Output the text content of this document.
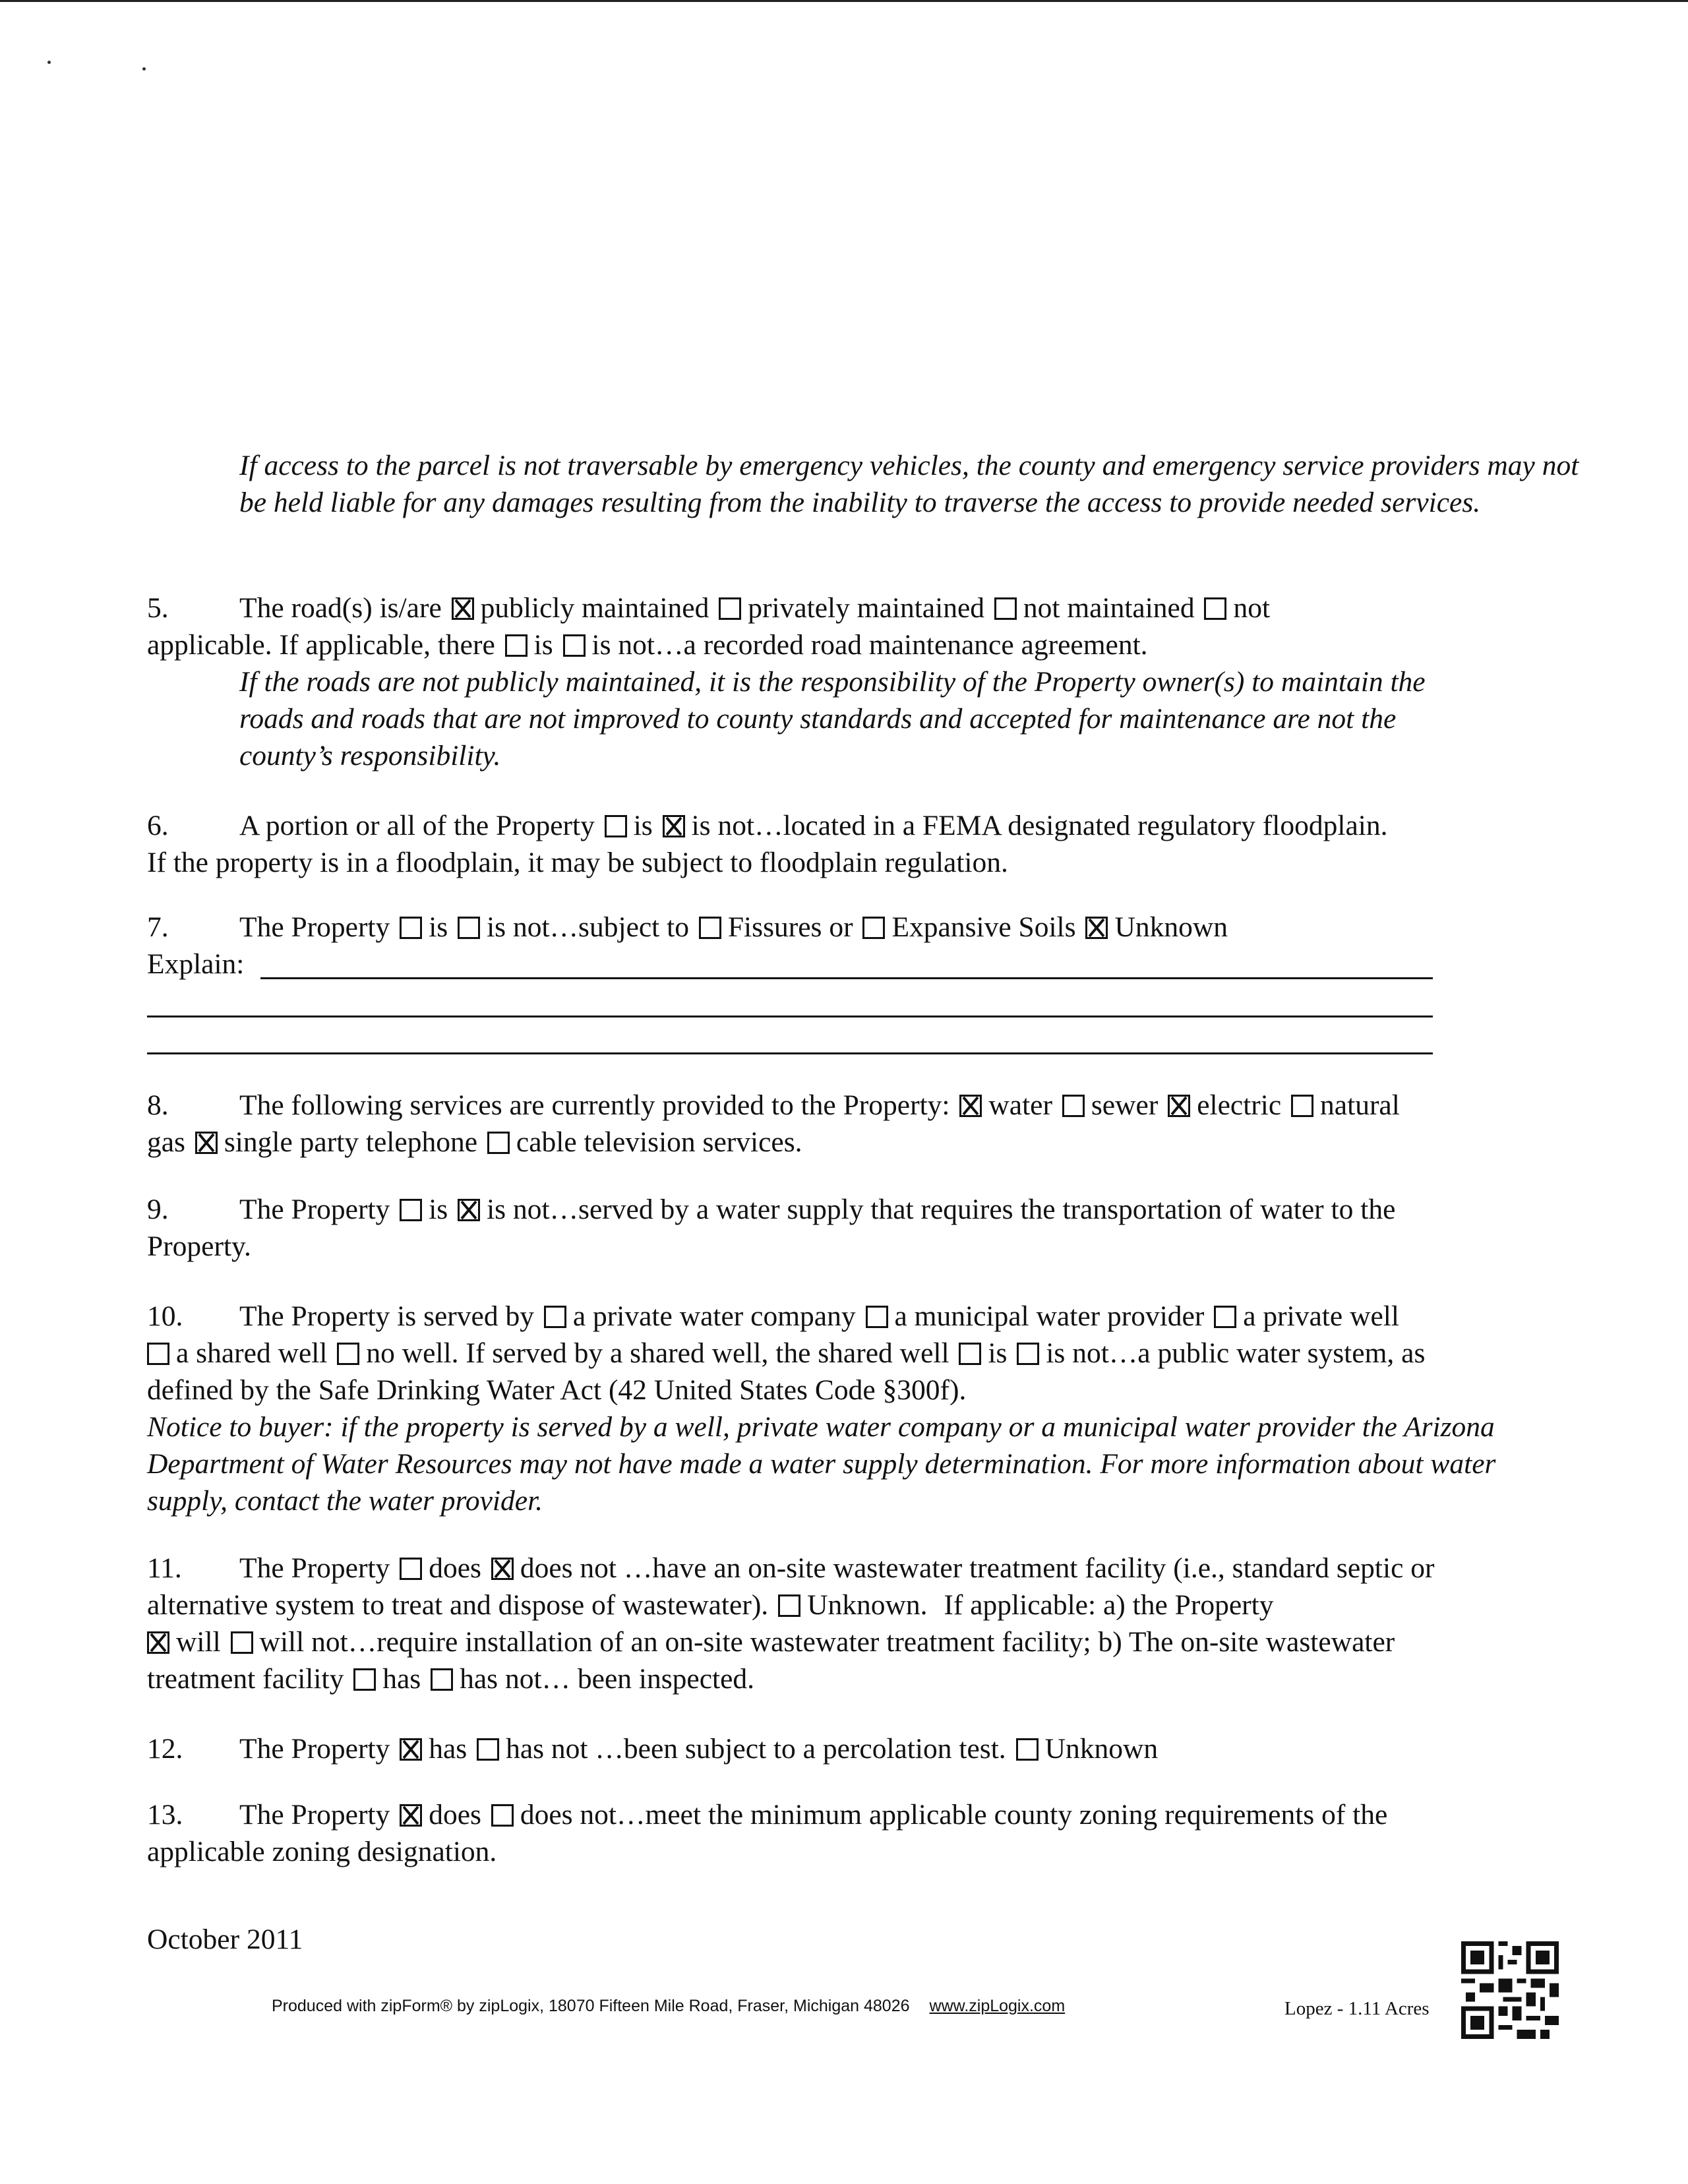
If access to the parcel is not traversable by emergency vehicles, the county and emergency service providers may not be held liable for any damages resulting from the inability to traverse the access to provide needed services.
5. The road(s) is/are publicly maintained privately maintained not maintained not
applicable. If applicable, there is is not…a recorded road maintenance agreement.
If the roads are not publicly maintained, it is the responsibility of the Property owner(s) to maintain the roads and roads that are not improved to county standards and accepted for maintenance are not the county’s responsibility.
6. A portion or all of the Property is is not…located in a FEMA designated regulatory floodplain.
If the property is in a floodplain, it may be subject to floodplain regulation.
7. The Property is is not…subject to Fissures or Expansive Soils Unknown
Explain:
8. The following services are currently provided to the Property: water sewer electric natural
gas single party telephone cable television services.
9. The Property is is not…served by a water supply that requires the transportation of water to the
Property.
10. The Property is served by a private water company a municipal water provider a private well
a shared well no well. If served by a shared well, the shared well is is not…a public water system, as
defined by the Safe Drinking Water Act (42 United States Code §300f).
Notice to buyer: if the property is served by a well, private water company or a municipal water provider the Arizona Department of Water Resources may not have made a water supply determination. For more information about water supply, contact the water provider.
11. The Property does does not …have an on-site wastewater treatment facility (i.e., standard septic or
alternative system to treat and dispose of wastewater). Unknown. If applicable: a) the Property
will will not…require installation of an on-site wastewater treatment facility; b) The on-site wastewater
treatment facility has has not… been inspected.
12. The Property has has not …been subject to a percolation test. Unknown
13. The Property does does not…meet the minimum applicable county zoning requirements of the
applicable zoning designation.
October 2011
Produced with zipForm® by zipLogix, 18070 Fifteen Mile Road, Fraser, Michigan 48026 www.zipLogix.com	Lopez - 1.11 Acres
